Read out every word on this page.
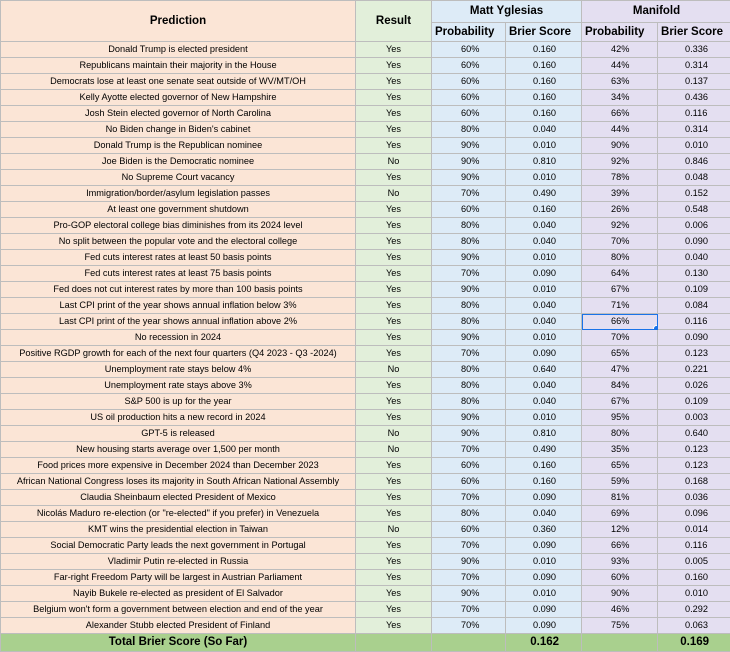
Prediction	Result	Matt Yglesias		Manifold	
		Probability	Brier Score	Probability	Brier Score
Donald Trump is elected president	Yes	60%	0.160	42%	0.336
Republicans maintain their majority in the House	Yes	60%	0.160	44%	0.314
Democrats lose at least one senate seat outside of WV/MT/OH	Yes	60%	0.160	63%	0.137
Kelly Ayotte elected governor of New Hampshire	Yes	60%	0.160	34%	0.436
Josh Stein elected governor of North Carolina	Yes	60%	0.160	66%	0.116
No Biden change in Biden's cabinet	Yes	80%	0.040	44%	0.314
Donald Trump is the Republican nominee	Yes	90%	0.010	90%	0.010
Joe Biden is the Democratic nominee	No	90%	0.810	92%	0.846
No Supreme Court vacancy	Yes	90%	0.010	78%	0.048
Immigration/border/asylum legislation passes	No	70%	0.490	39%	0.152
At least one government shutdown	Yes	60%	0.160	26%	0.548
Pro-GOP electoral college bias diminishes from its 2024 level	Yes	80%	0.040	92%	0.006
No split between the popular vote and the electoral college	Yes	80%	0.040	70%	0.090
Fed cuts interest rates at least 50 basis points	Yes	90%	0.010	80%	0.040
Fed cuts interest rates at least 75 basis points	Yes	70%	0.090	64%	0.130
Fed does not cut interest rates by more than 100 basis points	Yes	90%	0.010	67%	0.109
Last CPI print of the year shows annual inflation below 3%	Yes	80%	0.040	71%	0.084
Last CPI print of the year shows annual inflation above 2%	Yes	80%	0.040	66%	0.116
No recession in 2024	Yes	90%	0.010	70%	0.090
Positive RGDP growth for each of the next four quarters (Q4 2023 - Q3 -2024)	Yes	70%	0.090	65%	0.123
Unemployment rate stays below 4%	No	80%	0.640	47%	0.221
Unemployment rate stays above 3%	Yes	80%	0.040	84%	0.026
S&P 500 is up for the year	Yes	80%	0.040	67%	0.109
US oil production hits a new record in 2024	Yes	90%	0.010	95%	0.003
GPT-5 is released	No	90%	0.810	80%	0.640
New housing starts average over 1,500 per month	No	70%	0.490	35%	0.123
Food prices more expensive in December 2024 than December 2023	Yes	60%	0.160	65%	0.123
African National Congress loses its majority in South African National Assembly	Yes	60%	0.160	59%	0.168
Claudia Sheinbaum elected President of Mexico	Yes	70%	0.090	81%	0.036
Nicolás Maduro re-election (or "re-elected" if you prefer) in Venezuela	Yes	80%	0.040	69%	0.096
KMT wins the presidential election in Taiwan	No	60%	0.360	12%	0.014
Social Democratic Party leads the next government in Portugal	Yes	70%	0.090	66%	0.116
Vladimir Putin re-elected in Russia	Yes	90%	0.010	93%	0.005
Far-right Freedom Party will be largest in Austrian Parliament	Yes	70%	0.090	60%	0.160
Nayib Bukele re-elected as president of El Salvador	Yes	90%	0.010	90%	0.010
Belgium won't form a government between election and end of the year	Yes	70%	0.090	46%	0.292
Alexander Stubb elected President of Finland	Yes	70%	0.090	75%	0.063
Total Brier Score (So Far)			0.162		0.169
